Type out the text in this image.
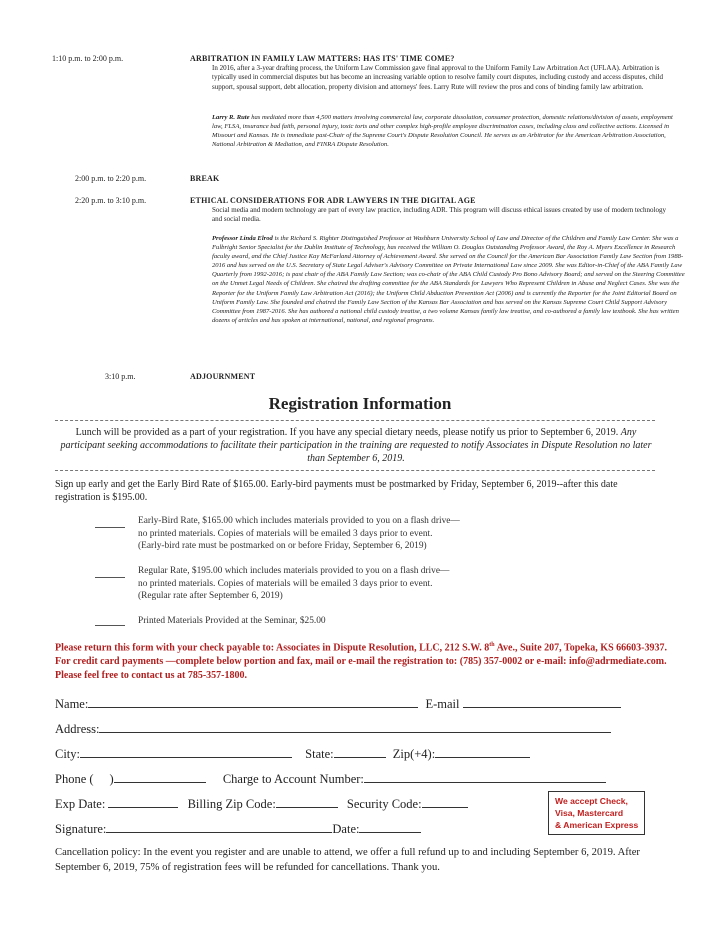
1:10 p.m. to 2:00 p.m.	ARBITRATION IN FAMILY LAW MATTERS: HAS ITS' TIME COME?
In 2016, after a 3-year drafting process, the Uniform Law Commission gave final approval to the Uniform Family Law Arbitration Act (UFLAA). Arbitration is typically used in commercial disputes but has become an increasing variable option to resolve family court disputes, including custody and access disputes, child support, spousal support, debt allocation, property division and attorneys' fees. Larry Rute will review the pros and cons of binding family law arbitration.
Larry R. Rute has mediated more than 4,500 matters involving commercial law, corporate dissolution, consumer protection, domestic relations/division of assets, employment law, FLSA, insurance bad faith, personal injury, toxic torts and other complex high-profile employee discrimination cases, including class and collective actions. Licensed in Missouri and Kansas. He is immediate past-Chair of the Supreme Court's Dispute Resolution Council. He serves as an Arbitrator for the American Arbitration Association, National Arbitration & Mediation, and FINRA Dispute Resolution.
2:00 p.m. to 2:20 p.m.	BREAK
2:20 p.m. to 3:10 p.m.	ETHICAL CONSIDERATIONS FOR ADR LAWYERS IN THE DIGITAL AGE
Social media and modern technology are part of every law practice, including ADR. This program will discuss ethical issues created by use of modern technology and social media.
Professor Linda Elrod is the Richard S. Righter Distinguished Professor at Washburn University School of Law and Director of the Children and Family Law Center. She was a Fulbright Senior Specialist for the Dublin Institute of Technology, has received the William O. Douglas Outstanding Professor Award, the Roy A. Myers Excellence in Research faculty award, and the Chief Justice Kay McFarland Attorney of Achievement Award. She served on the Council for the American Bar Association Family Law Section from 1988-2016 and has served on the U.S. Secretary of State Legal Adviser's Advisory Committee on Private International Law since 2009. She was Editor-in-Chief of the ABA Family Law Quarterly from 1992-2016; is past chair of the ABA Family Law Section; was co-chair of the ABA Child Custody Pro Bono Advisory Board; and served on the Steering Committee on the Unmet Legal Needs of Children. She chaired the drafting committee for the ABA Standards for Lawyers Who Represent Children in Abuse and Neglect Cases. She was the Reporter for the Uniform Family Law Arbitration Act (2016); the Uniform Child Abduction Prevention Act (2006) and is currently the Reporter for the Joint Editorial Board on Uniform Family Law. She founded and chaired the Family Law Section of the Kansas Bar Association and has served on the Kansas Supreme Court Child Support Advisory Committee from 1987-2016. She has authored a national child custody treatise, a two volume Kansas family law treatise, and co-authored a family law textbook. She has written dozens of articles and has spoken at international, national, and regional programs.
3:10 p.m.	ADJOURNMENT
Registration Information
Lunch will be provided as a part of your registration. If you have any special dietary needs, please notify us prior to September 6, 2019. Any participant seeking accommodations to facilitate their participation in the training are requested to notify Associates in Dispute Resolution no later than September 6, 2019.
Sign up early and get the Early Bird Rate of $165.00. Early-bird payments must be postmarked by Friday, September 6, 2019--after this date registration is $195.00.
Early-Bird Rate, $165.00 which includes materials provided to you on a flash drive—
no printed materials. Copies of materials will be emailed 3 days prior to event.
(Early-bird rate must be postmarked on or before Friday, September 6, 2019)
Regular Rate, $195.00 which includes materials provided to you on a flash drive—
no printed materials. Copies of materials will be emailed 3 days prior to event.
(Regular rate after September 6, 2019)
Printed Materials Provided at the Seminar, $25.00
Please return this form with your check payable to: Associates in Dispute Resolution, LLC, 212 S.W. 8th Ave., Suite 207, Topeka, KS 66603-3937. For credit card payments —complete below portion and fax, mail or e-mail the registration to: (785) 357-0002 or e-mail: info@adrmediate.com. Please feel free to contact us at 785-357-1800.
Name:	E-mail
Address:
City:	State:	Zip(+4):
Phone ( )	Charge to Account Number:
Exp Date:	Billing Zip Code:	Security Code:
Signature:	Date:
We accept Check,
Visa, Mastercard
& American Express
Cancellation policy: In the event you register and are unable to attend, we offer a full refund up to and including September 6, 2019. After September 6, 2019, 75% of registration fees will be refunded for cancellations. Thank you.
